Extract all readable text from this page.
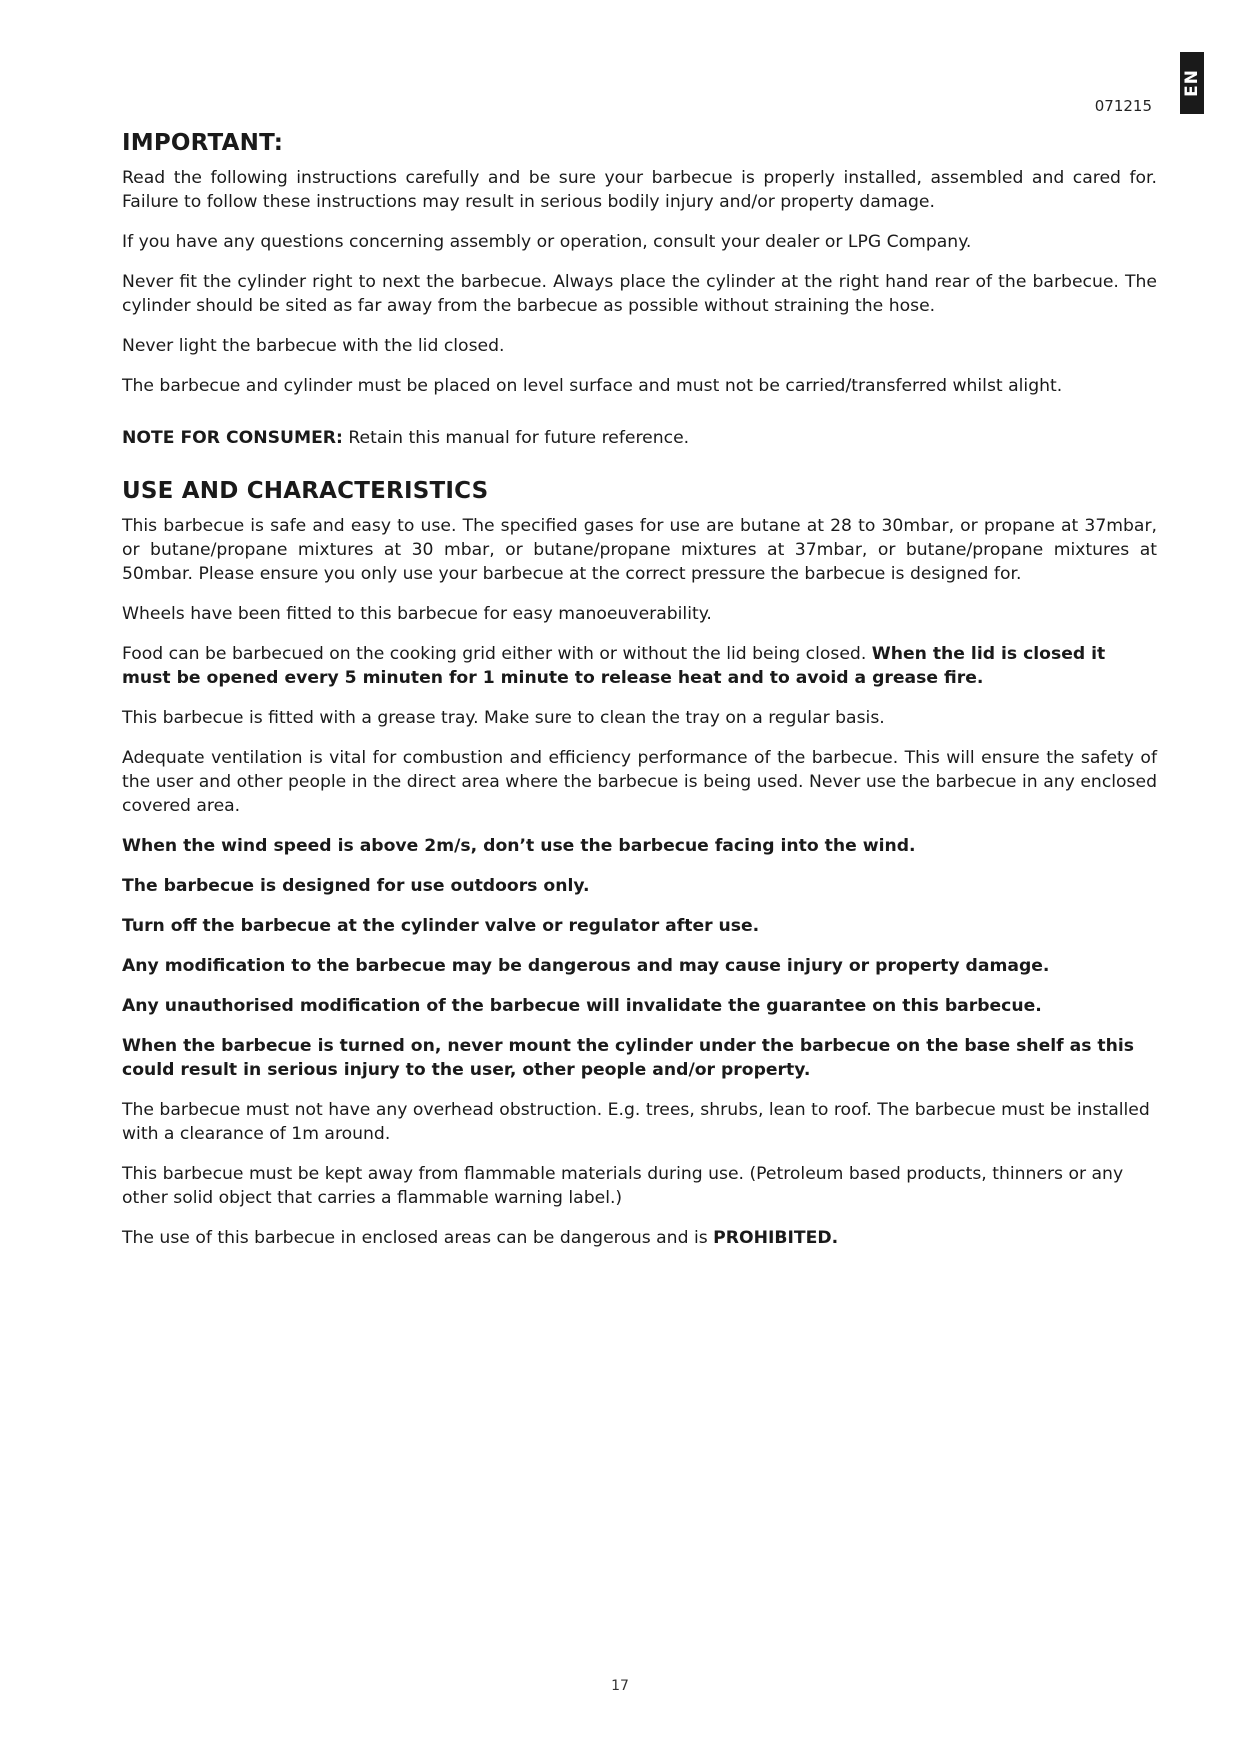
EN
071215
IMPORTANT:

Read the following instructions carefully and be sure your barbecue is properly installed, assembled and cared for. Failure to follow these instructions may result in serious bodily injury and/or property damage.

If you have any questions concerning assembly or operation, consult your dealer or LPG Company.

Never fit the cylinder right to next the barbecue. Always place the cylinder at the right hand rear of the barbecue. The cylinder should be sited as far away from the barbecue as possible without straining the hose.

Never light the barbecue with the lid closed.

The barbecue and cylinder must be placed on level surface and must not be carried/transferred whilst alight.

NOTE FOR CONSUMER: Retain this manual for future reference.

USE AND CHARACTERISTICS

This barbecue is safe and easy to use. The specified gases for use are butane at 28 to 30mbar, or propane at 37mbar, or butane/propane mixtures at 30 mbar, or butane/propane mixtures at 37mbar, or butane/propane mixtures at 50mbar. Please ensure you only use your barbecue at the correct pressure the barbecue is designed for.

Wheels have been fitted to this barbecue for easy manoeuverability.

Food can be barbecued on the cooking grid either with or without the lid being closed. When the lid is closed it must be opened every 5 minuten for 1 minute to release heat and to avoid a grease fire.

This barbecue is fitted with a grease tray. Make sure to clean the tray on a regular basis.

Adequate ventilation is vital for combustion and efficiency performance of the barbecue. This will ensure the safety of the user and other people in the direct area where the barbecue is being used. Never use the barbecue in any enclosed covered area.

When the wind speed is above 2m/s, don’t use the barbecue facing into the wind.

The barbecue is designed for use outdoors only.

Turn off the barbecue at the cylinder valve or regulator after use.

Any modification to the barbecue may be dangerous and may cause injury or property damage.

Any unauthorised modification of the barbecue will invalidate the guarantee on this barbecue.

When the barbecue is turned on, never mount the cylinder under the barbecue on the base shelf as this could result in serious injury to the user, other people and/or property.

The barbecue must not have any overhead obstruction. E.g. trees, shrubs, lean to roof. The barbecue must be installed with a clearance of 1m around.

This barbecue must be kept away from flammable materials during use. (Petroleum based products, thinners or any other solid object that carries a flammable warning label.)

The use of this barbecue in enclosed areas can be dangerous and is PROHIBITED.

17
